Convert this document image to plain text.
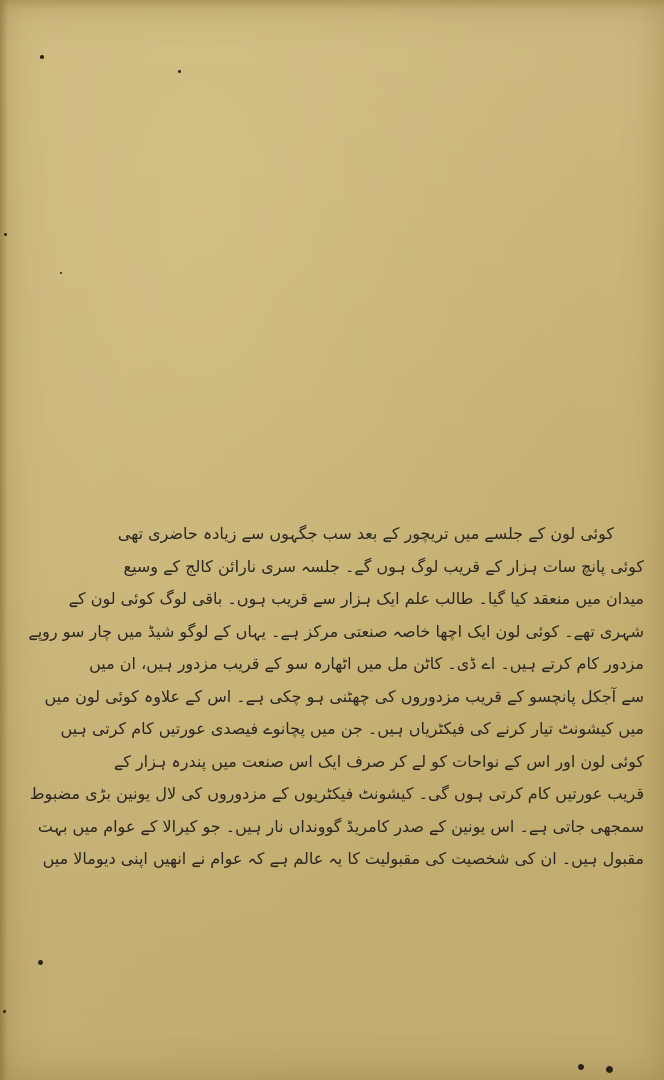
کوئی لون کے جلسے میں تریچور کے بعد سب جگہوں سے زیادہ حاضری تھی
کوئی پانچ سات ہزار کے قریب لوگ ہوں گے۔ جلسہ سری نارائن کالج کے وسیع
میدان میں منعقد کیا گیا۔ طالب علم ایک ہزار سے قریب ہوں۔ باقی لوگ کوئی لون کے
شہری تھے۔ کوئی لون ایک اچھا خاصہ صنعتی مرکز ہے۔ یہاں کے لوگو شیڈ میں چار سو روپے
مزدور کام کرتے ہیں۔ اے ڈی۔ کاٹن مل میں اٹھارہ سو کے قریب مزدور ہیں، ان میں
سے آجکل پانچسو کے قریب مزدوروں کی چھٹنی ہو چکی ہے۔ اس کے علاوہ کوئی لون میں
میں کیشونٹ تیار کرنے کی فیکٹریاں ہیں۔ جن میں پچانوے فیصدی عورتیں کام کرتی ہیں
کوئی لون اور اس کے نواحات کو لے کر صرف ایک اس صنعت میں پندرہ ہزار کے
قریب عورتیں کام کرتی ہوں گی۔ کیشونٹ فیکٹریوں کے مزدوروں کی لال یونین بڑی مضبوط
سمجھی جاتی ہے۔ اس یونین کے صدر کامریڈ گوونداں نار ہیں۔ جو کیرالا کے عوام میں بہت
مقبول ہیں۔ ان کی شخصیت کی مقبولیت کا یہ عالم ہے کہ عوام نے انھیں اپنی دیومالا میں
